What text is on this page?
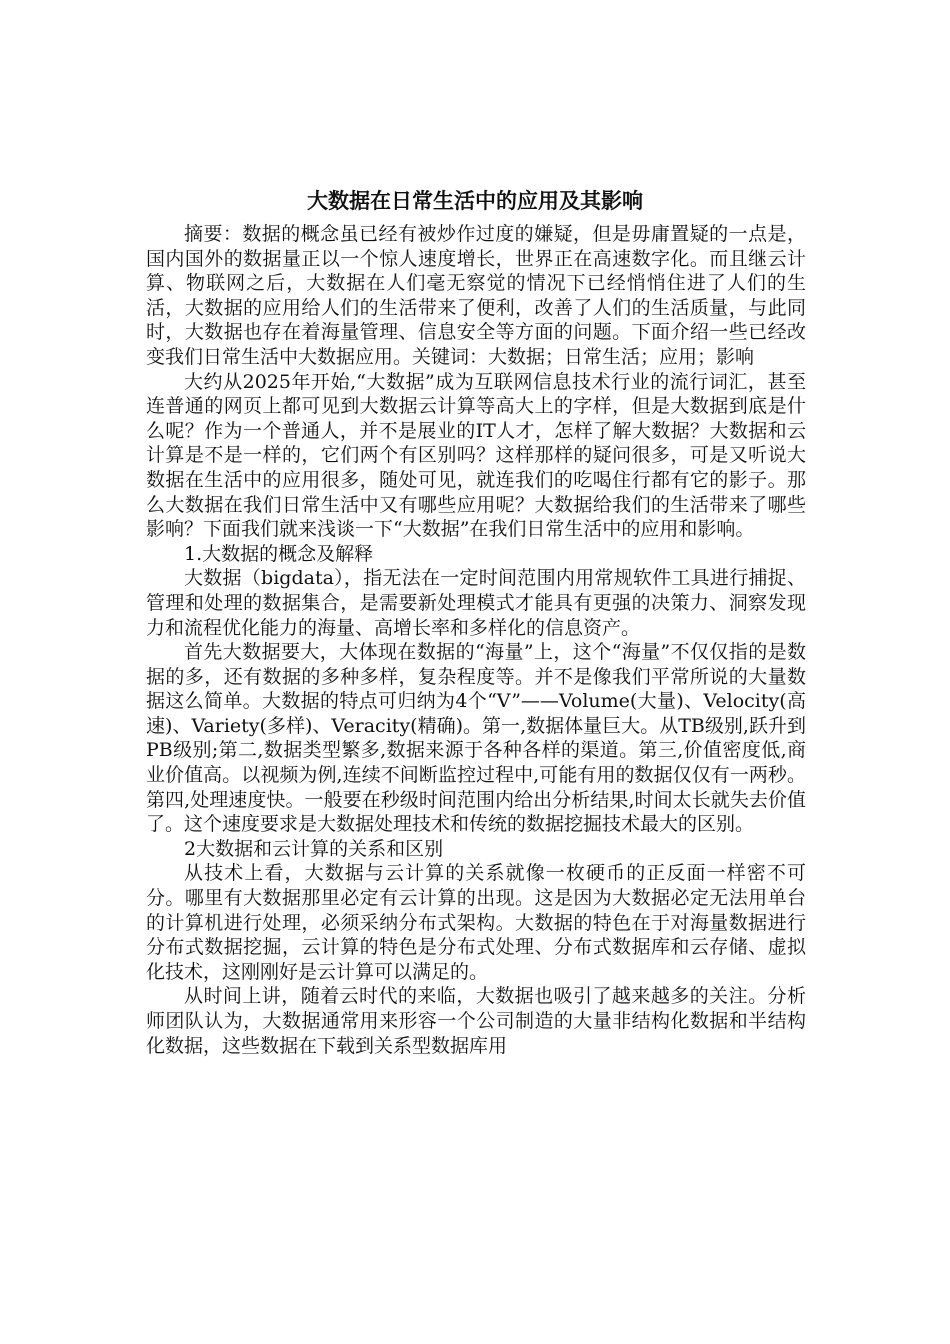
大数据在日常生活中的应用及其影响

摘要：数据的概念虽已经有被炒作过度的嫌疑，但是毋庸置疑的一点是，国内国外的数据量正以一个惊人速度增长，世界正在高速数字化。而且继云计算、物联网之后，大数据在人们毫无察觉的情况下已经悄悄住进了人们的生活，大数据的应用给人们的生活带来了便利，改善了人们的生活质量，与此同时，大数据也存在着海量管理、信息安全等方面的问题。下面介绍一些已经改变我们日常生活中大数据应用。关键词：大数据；日常生活；应用；影响

大约从2025年开始,“大数据”成为互联网信息技术行业的流行词汇，甚至连普通的网页上都可见到大数据云计算等高大上的字样，但是大数据到底是什么呢？作为一个普通人，并不是展业的IT人才，怎样了解大数据？大数据和云计算是不是一样的，它们两个有区别吗？这样那样的疑问很多，可是又听说大数据在生活中的应用很多，随处可见，就连我们的吃喝住行都有它的影子。那么大数据在我们日常生活中又有哪些应用呢？大数据给我们的生活带来了哪些影响？下面我们就来浅谈一下“大数据”在我们日常生活中的应用和影响。

1.大数据的概念及解释

大数据（bigdata），指无法在一定时间范围内用常规软件工具进行捕捉、管理和处理的数据集合，是需要新处理模式才能具有更强的决策力、洞察发现力和流程优化能力的海量、高增长率和多样化的信息资产。

首先大数据要大，大体现在数据的“海量”上，这个“海量”不仅仅指的是数据的多，还有数据的多种多样，复杂程度等。并不是像我们平常所说的大量数据这么简单。大数据的特点可归纳为4个“V”——Volume(大量)、Velocity(高速)、Variety(多样)、Veracity(精确)。第一,数据体量巨大。从TB级别,跃升到PB级别;第二,数据类型繁多,数据来源于各种各样的渠道。第三,价值密度低,商业价值高。以视频为例,连续不间断监控过程中,可能有用的数据仅仅有一两秒。第四,处理速度快。一般要在秒级时间范围内给出分析结果,时间太长就失去价值了。这个速度要求是大数据处理技术和传统的数据挖掘技术最大的区别。

2大数据和云计算的关系和区别

从技术上看，大数据与云计算的关系就像一枚硬币的正反面一样密不可分。哪里有大数据那里必定有云计算的出现。这是因为大数据必定无法用单台的计算机进行处理，必须采纳分布式架构。大数据的特色在于对海量数据进行分布式数据挖掘，云计算的特色是分布式处理、分布式数据库和云存储、虚拟化技术，这刚刚好是云计算可以满足的。

从时间上讲，随着云时代的来临，大数据也吸引了越来越多的关注。分析师团队认为，大数据通常用来形容一个公司制造的大量非结构化数据和半结构化数据，这些数据在下载到关系型数据库用
